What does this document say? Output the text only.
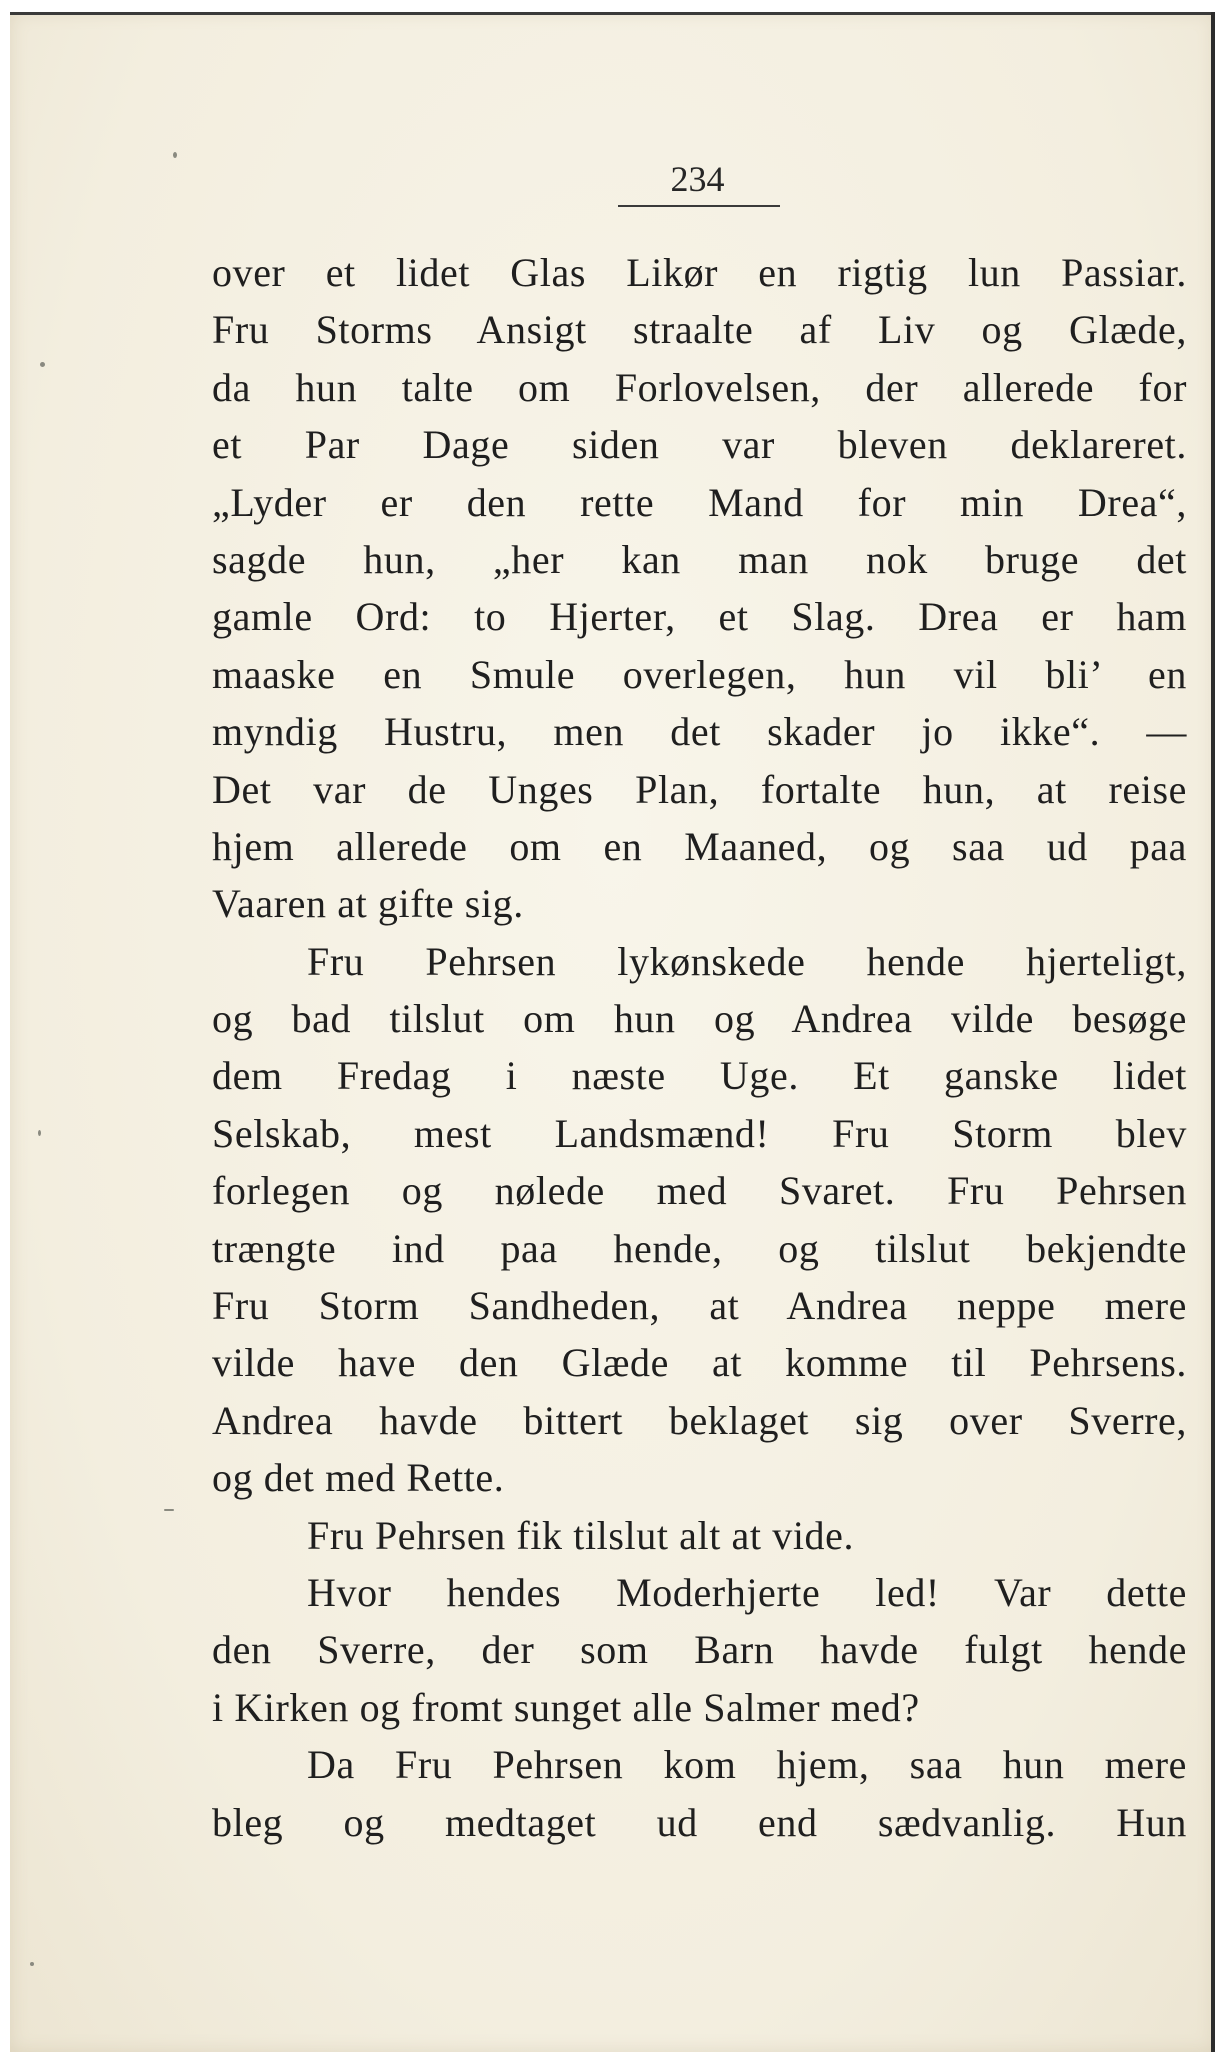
234
over et lidet Glas Likør en rigtig lun Passiar.
Fru Storms Ansigt straalte af Liv og Glæde,
da hun talte om Forlovelsen, der allerede for
et Par Dage siden var bleven deklareret.
„Lyder er den rette Mand for min Drea“,
sagde hun, „her kan man nok bruge det
gamle Ord: to Hjerter, et Slag. Drea er ham
maaske en Smule overlegen, hun vil bli’ en
myndig Hustru, men det skader jo ikke“. —
Det var de Unges Plan, fortalte hun, at reise
hjem allerede om en Maaned, og saa ud paa
Vaaren at gifte sig.
Fru Pehrsen lykønskede hende hjerteligt,
og bad tilslut om hun og Andrea vilde besøge
dem Fredag i næste Uge. Et ganske lidet
Selskab, mest Landsmænd! Fru Storm blev
forlegen og nølede med Svaret. Fru Pehrsen
trængte ind paa hende, og tilslut bekjendte
Fru Storm Sandheden, at Andrea neppe mere
vilde have den Glæde at komme til Pehrsens.
Andrea havde bittert beklaget sig over Sverre,
og det med Rette.
Fru Pehrsen fik tilslut alt at vide.
Hvor hendes Moderhjerte led! Var dette
den Sverre, der som Barn havde fulgt hende
i Kirken og fromt sunget alle Salmer med?
Da Fru Pehrsen kom hjem, saa hun mere
bleg og medtaget ud end sædvanlig. Hun
